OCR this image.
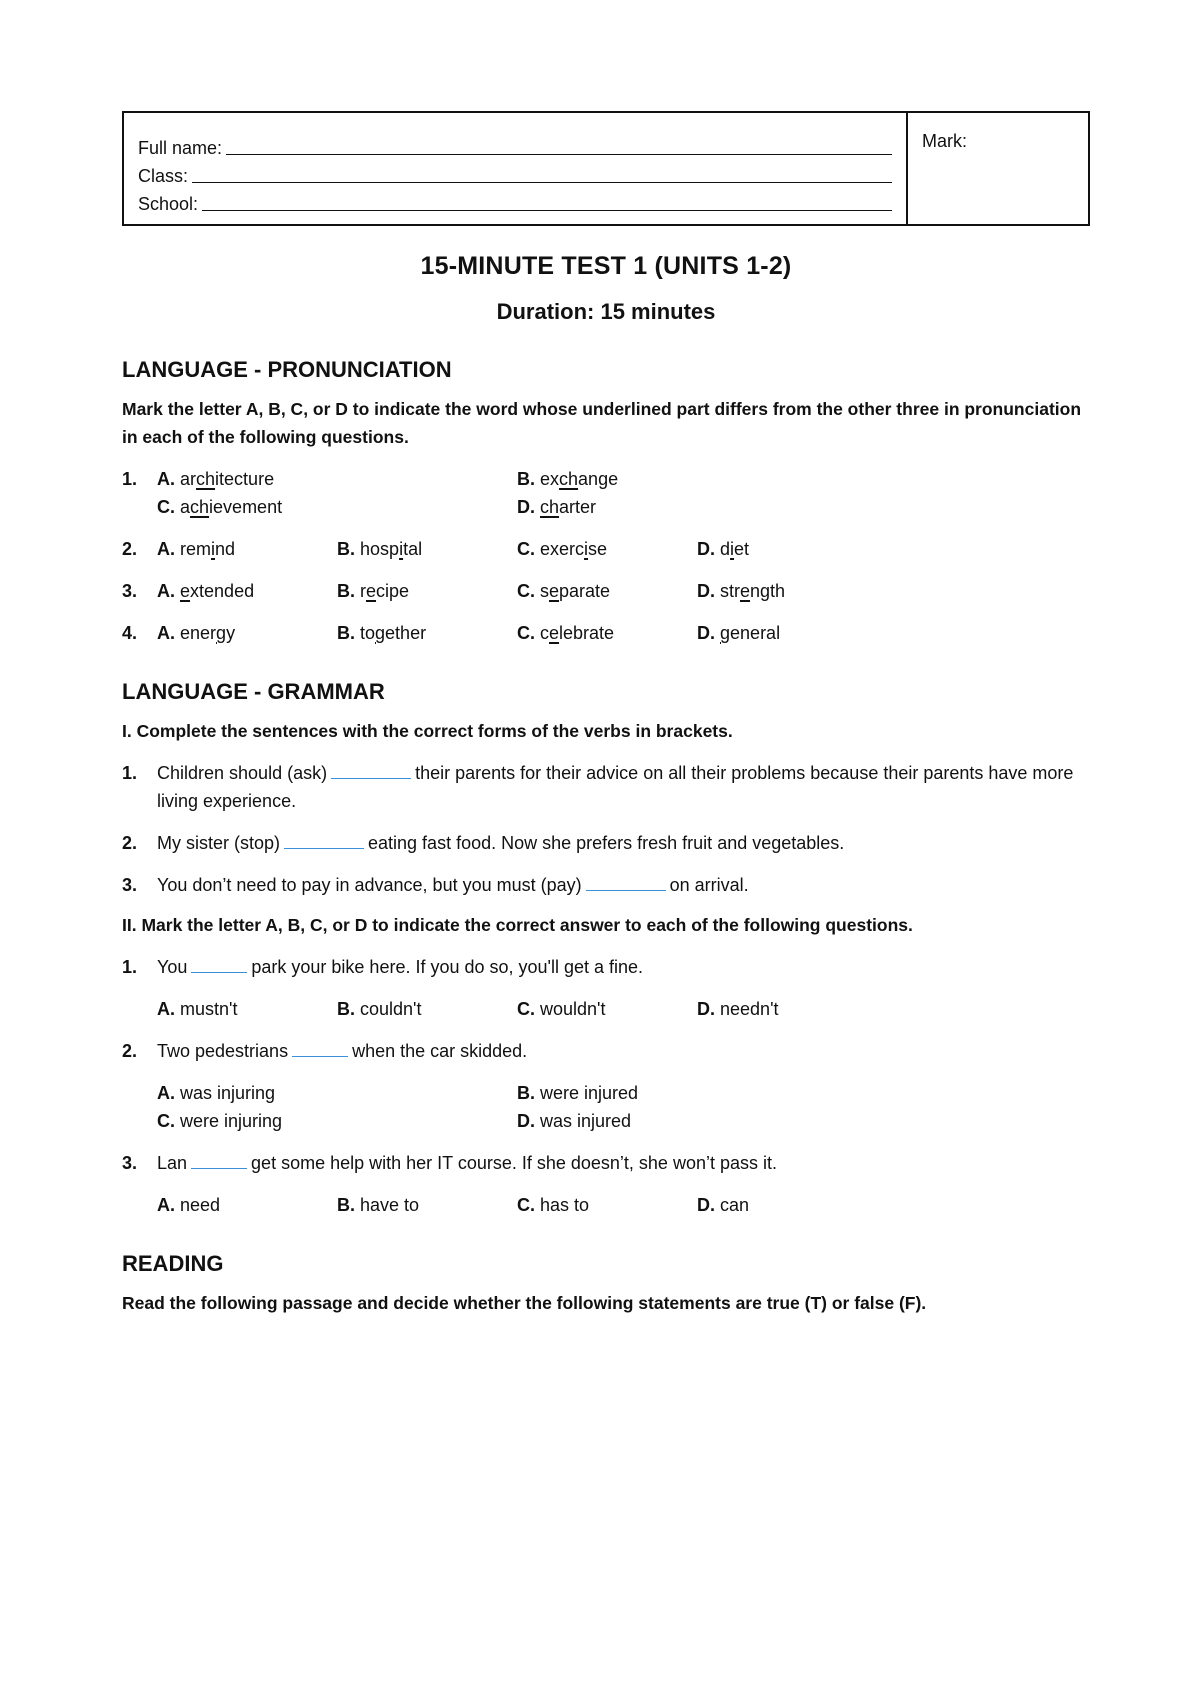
Full name:
Class:
School:
Mark:
15-MINUTE TEST 1 (UNITS 1-2)
Duration: 15 minutes
LANGUAGE - PRONUNCIATION
Mark the letter A, B, C, or D to indicate the word whose underlined part differs from the other three in pronunciation in each of the following questions.
1.	A. architecture	B. exchange
C. achievement	D. charter
2.	A. remind	B. hospital	C. exercise	D. diet
3.	A. extended	B. recipe	C. separate	D. strength
4.	A. energy	B. together	C. celebrate	D. general
LANGUAGE - GRAMMAR
I. Complete the sentences with the correct forms of the verbs in brackets.
1.	Children should (ask)	their parents for their advice on all their problems because their parents have more living experience.
2.	My sister (stop)	eating fast food. Now she prefers fresh fruit and vegetables.
3.	You don’t need to pay in advance, but you must (pay)	on arrival.
II. Mark the letter A, B, C, or D to indicate the correct answer to each of the following questions.
1.	You	park your bike here. If you do so, you'll get a fine.
A. mustn't	B. couldn't	C. wouldn't	D. needn't
2.	Two pedestrians	when the car skidded.
A. was injuring	B. were injured
C. were injuring	D. was injured
3.	Lan	get some help with her IT course. If she doesn’t, she won’t pass it.
A. need	B. have to	C. has to	D. can
READING
Read the following passage and decide whether the following statements are true (T) or false (F).
